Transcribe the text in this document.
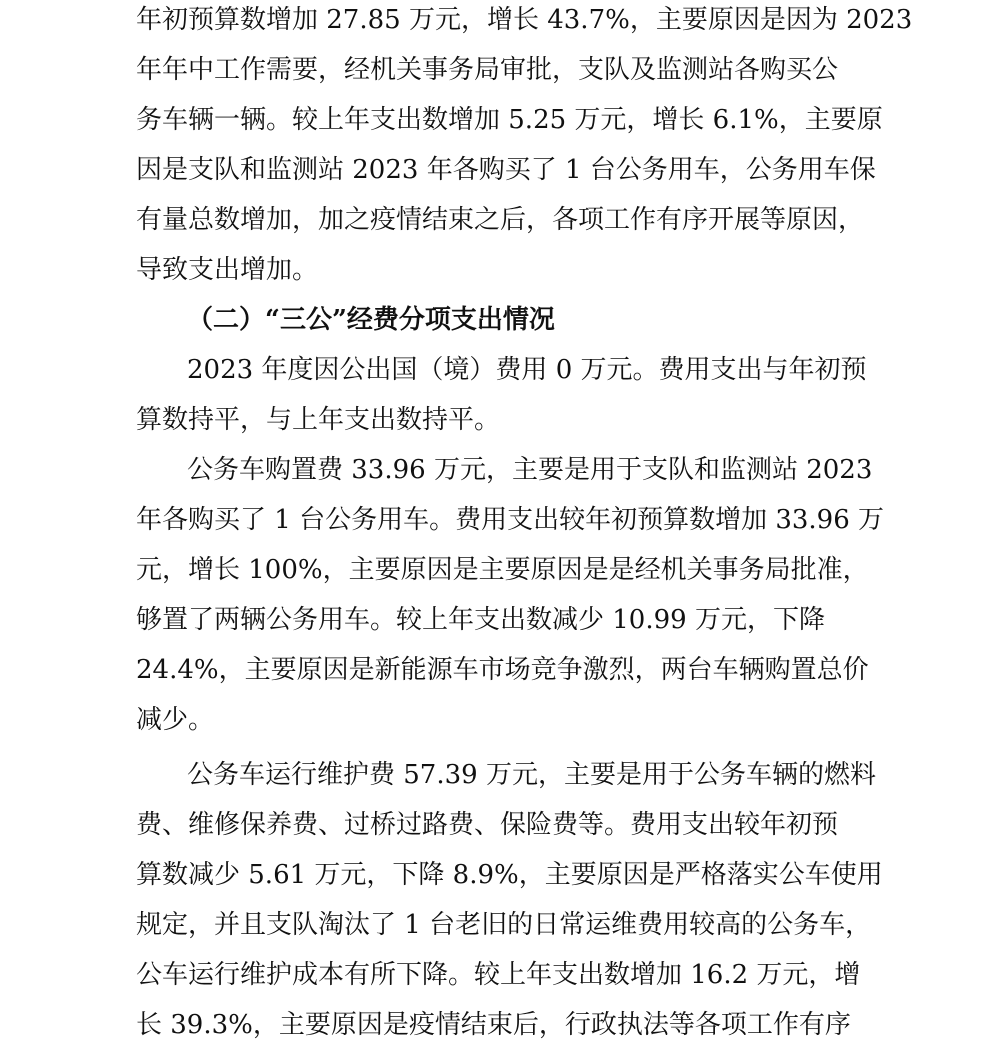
年初预算数增加 27.85 万元，增长 43.7%，主要原因是因为 2023
年年中工作需要，经机关事务局审批，支队及监测站各购买公
务车辆一辆。较上年支出数增加 5.25 万元，增长 6.1%，主要原
因是支队和监测站 2023 年各购买了 1 台公务用车，公务用车保
有量总数增加，加之疫情结束之后，各项工作有序开展等原因，
导致支出增加。
（二）“三公”经费分项支出情况
2023 年度因公出国（境）费用 0 万元。费用支出与年初预
算数持平，与上年支出数持平。
公务车购置费 33.96 万元，主要是用于支队和监测站 2023
年各购买了 1 台公务用车。费用支出较年初预算数增加 33.96 万
元，增长 100%，主要原因是主要原因是是经机关事务局批准，
够置了两辆公务用车。较上年支出数减少 10.99 万元，下降
24.4%，主要原因是新能源车市场竞争激烈，两台车辆购置总价
减少。
公务车运行维护费 57.39 万元，主要是用于公务车辆的燃料
费、维修保养费、过桥过路费、保险费等。费用支出较年初预
算数减少 5.61 万元，下降 8.9%，主要原因是严格落实公车使用
规定，并且支队淘汰了 1 台老旧的日常运维费用较高的公务车，
公车运行维护成本有所下降。较上年支出数增加 16.2 万元，增
长 39.3%，主要原因是疫情结束后，行政执法等各项工作有序
